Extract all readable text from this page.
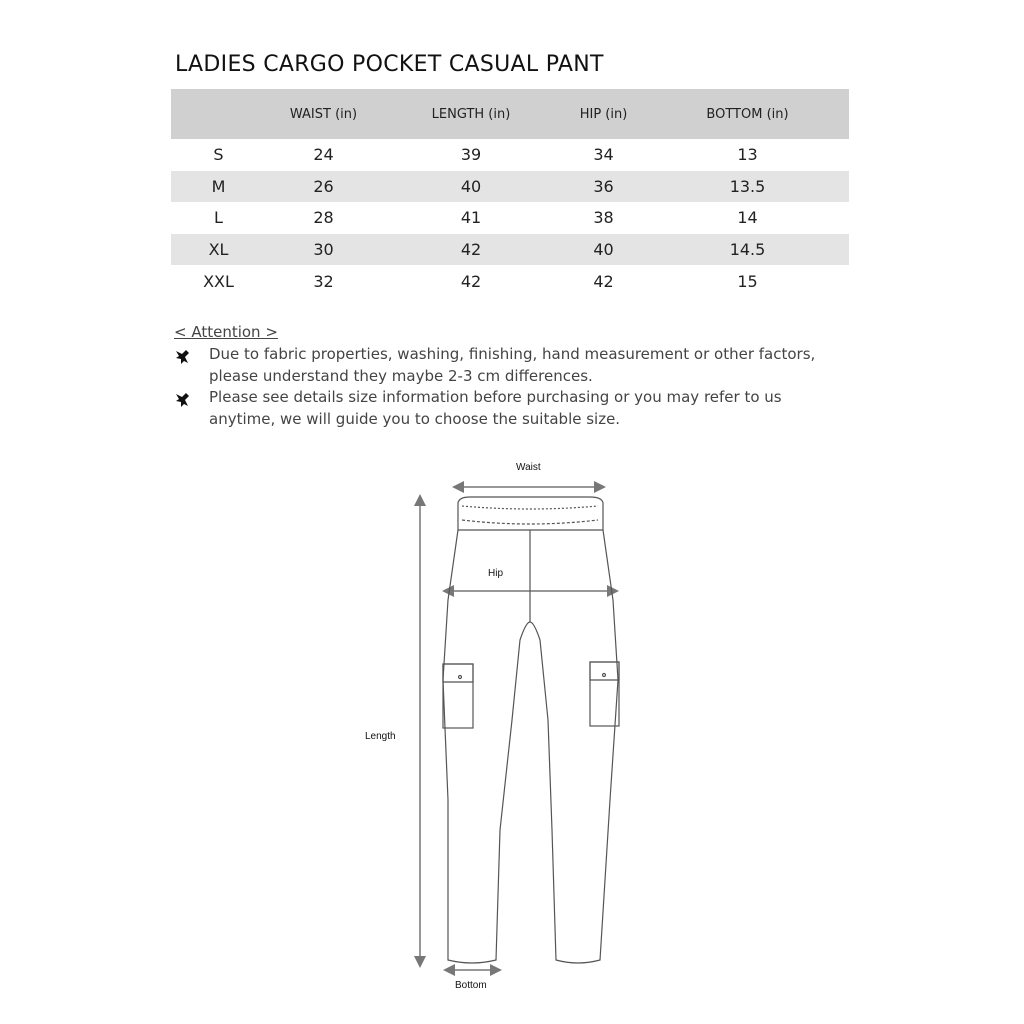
LADIES CARGO POCKET CASUAL PANT
	WAIST (in)	LENGTH (in)	HIP (in)	BOTTOM (in)
S	24	39	34	13
M	26	40	36	13.5
L	28	41	38	14
XL	30	42	40	14.5
XXL	32	42	42	15
< Attention >
Due to fabric properties, washing, finishing, hand measurement or other factors, please understand they maybe 2-3 cm differences.
Please see details size information before purchasing or you may refer to us anytime, we will guide you to choose the suitable size.
Waist
Hip
Length
Bottom
